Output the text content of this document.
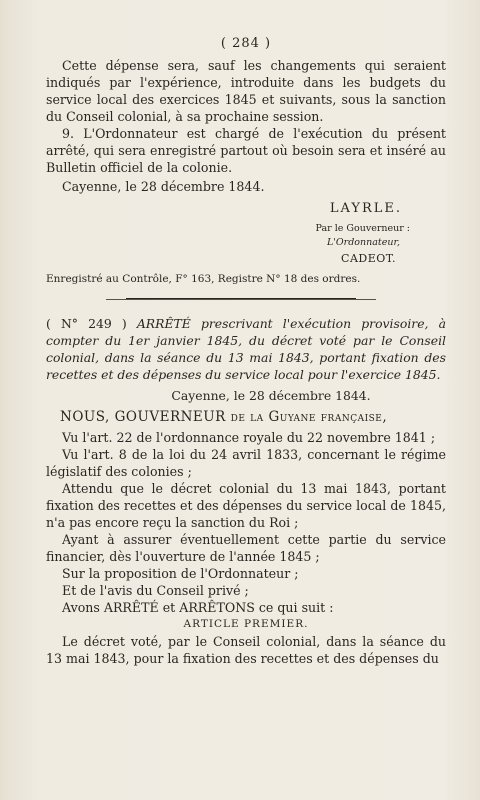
( 284 )

Cette dépense sera, sauf les changements qui seraient indiqués par l'expérience, introduite dans les budgets du service local des exercices 1845 et suivants, sous la sanction du Conseil colonial, à sa prochaine session.

9. L'Ordonnateur est chargé de l'exécution du présent arrêté, qui sera enregistré partout où besoin sera et inséré au Bulletin officiel de la colonie.

Cayenne, le 28 décembre 1844.

LAYRLE.
Par le Gouverneur :
L'Ordonnateur,
CADEOT.

Enregistré au Contrôle, F° 163, Registre N° 18 des ordres.

( N° 249 ) ARRÊTÉ prescrivant l'exécution provisoire, à compter du 1er janvier 1845, du décret voté par le Conseil colonial, dans la séance du 13 mai 1843, portant fixation des recettes et des dépenses du service local pour l'exercice 1845.

Cayenne, le 28 décembre 1844.
NOUS, GOUVERNEUR de la Guyane française,

Vu l'art. 22 de l'ordonnance royale du 22 novembre 1841 ;

Vu l'art. 8 de la loi du 24 avril 1833, concernant le régime législatif des colonies ;

Attendu que le décret colonial du 13 mai 1843, portant fixation des recettes et des dépenses du service local de 1845, n'a pas encore reçu la sanction du Roi ;

Ayant à assurer éventuellement cette partie du service financier, dès l'ouverture de l'année 1845 ;

Sur la proposition de l'Ordonnateur ;

Et de l'avis du Conseil privé ;

Avons ARRÊTÉ et ARRÊTONS ce qui suit :

ARTICLE PREMIER.

Le décret voté, par le Conseil colonial, dans la séance du 13 mai 1843, pour la fixation des recettes et des dépenses du
